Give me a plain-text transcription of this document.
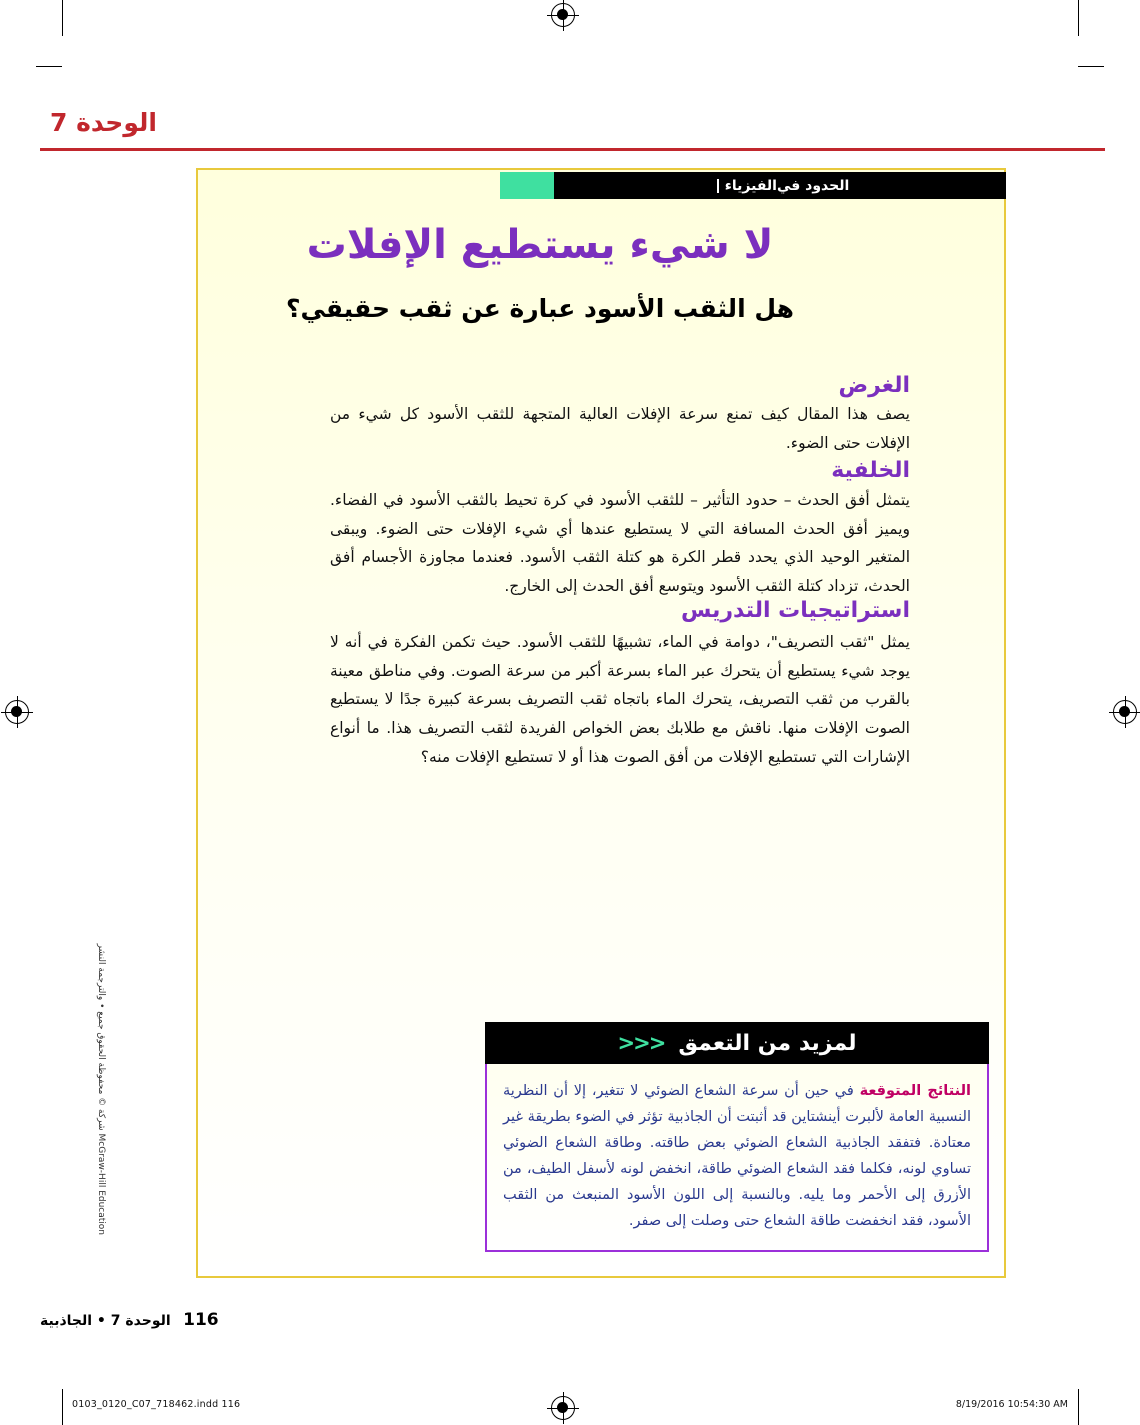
الوحدة 7
الحدود في
الفيزياء
لا شيء يستطيع الإفلات
هل الثقب الأسود عبارة عن ثقب حقيقي؟
الغرض
يصف هذا المقال كيف تمنع سرعة الإفلات العالية المتجهة للثقب الأسود كل شيء من الإفلات حتى الضوء.
الخلفية
يتمثل أفق الحدث – حدود التأثير – للثقب الأسود في كرة تحيط بالثقب الأسود في الفضاء. ويميز أفق الحدث المسافة التي لا يستطيع عندها أي شيء الإفلات حتى الضوء. ويبقى المتغير الوحيد الذي يحدد قطر الكرة هو كتلة الثقب الأسود. فعندما مجاوزة الأجسام أفق الحدث، تزداد كتلة الثقب الأسود ويتوسع أفق الحدث إلى الخارج.
استراتيجيات التدريس
يمثل "ثقب التصريف"، دوامة في الماء، تشبيهًا للثقب الأسود. حيث تكمن الفكرة في أنه لا يوجد شيء يستطيع أن يتحرك عبر الماء بسرعة أكبر من سرعة الصوت. وفي مناطق معينة بالقرب من ثقب التصريف، يتحرك الماء باتجاه ثقب التصريف بسرعة كبيرة جدًا لا يستطيع الصوت الإفلات منها. ناقش مع طلابك بعض الخواص الفريدة لثقب التصريف هذا. ما أنواع الإشارات التي تستطيع الإفلات من أفق الصوت هذا أو لا تستطيع الإفلات منه؟
لمزيد من التعمق
<<<

النتائج المتوقعة في حين أن سرعة الشعاع الضوئي لا تتغير، إلا أن النظرية النسبية العامة لألبرت أينشتاين قد أثبتت أن الجاذبية تؤثر في الضوء بطريقة غير معتادة. فتفقد الجاذبية الشعاع الضوئي بعض طاقته. وطاقة الشعاع الضوئي تساوي لونه، فكلما فقد الشعاع الضوئي طاقة، انخفض لونه لأسفل الطيف، من الأزرق إلى الأحمر وما يليه. وبالنسبة إلى اللون الأسود المنبعث من الثقب الأسود، فقد انخفضت طاقة الشعاع حتى وصلت إلى صفر.

McGraw-Hill Education شركة © محفوظة الحقوق جميع • والترجمة النشر
116 الوحدة 7 • الجاذبية
0103_0120_C07_718462.indd 116	8/19/2016 10:54:30 AM
